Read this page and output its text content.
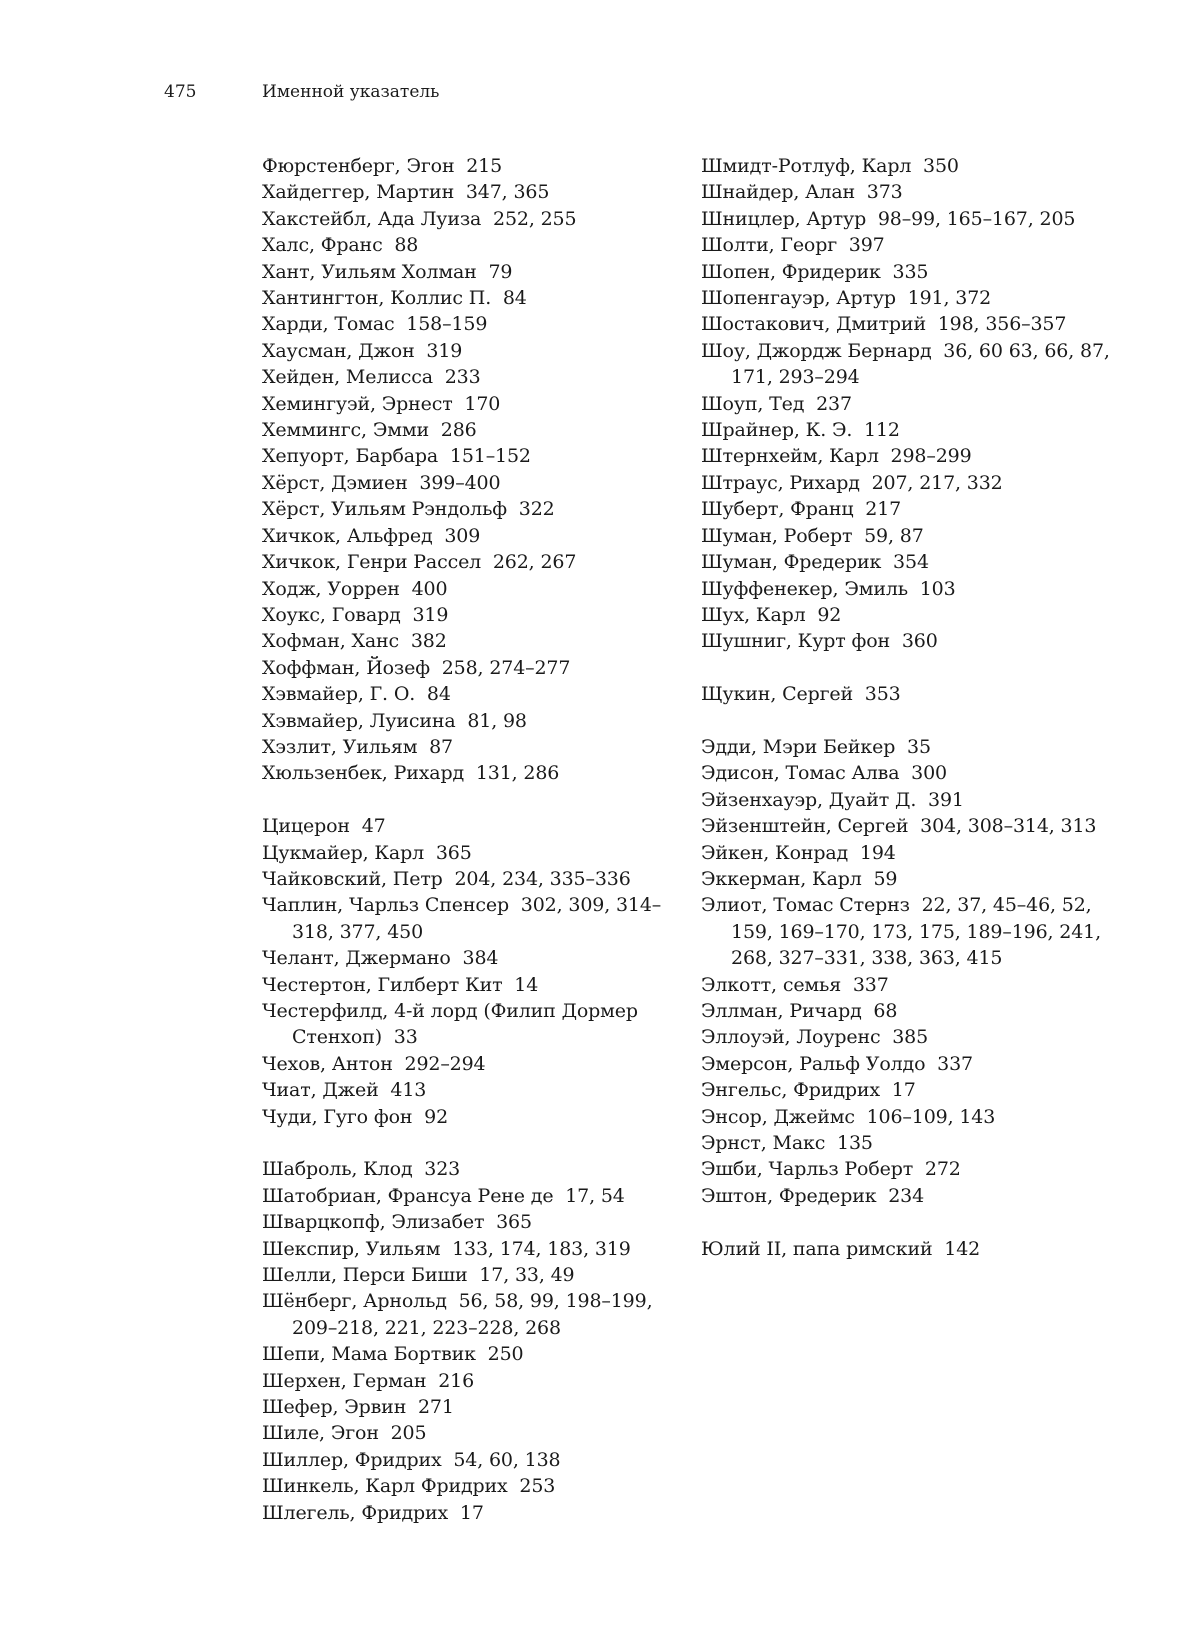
475	Именной указатель
Фюрстенберг, Эгон  215
Хайдеггер, Мартин  347, 365
Хакстейбл, Ада Луиза  252, 255
Халс, Франс  88
Хант, Уильям Холман  79
Хантингтон, Коллис П.  84
Харди, Томас  158–159
Хаусман, Джон  319
Хейден, Мелисса  233
Хемингуэй, Эрнест  170
Хеммингс, Эмми  286
Хепуорт, Барбара  151–152
Хёрст, Дэмиен  399–400
Хёрст, Уильям Рэндольф  322
Хичкок, Альфред  309
Хичкок, Генри Рассел  262, 267
Ходж, Уоррен  400
Хоукс, Говард  319
Хофман, Ханс  382
Хоффман, Йозеф  258, 274–277
Хэвмайер, Г. О.  84
Хэвмайер, Луисина  81, 98
Хэзлит, Уильям  87
Хюльзенбек, Рихард  131, 286
Цицерон  47
Цукмайер, Карл  365
Чайковский, Петр  204, 234, 335–336
Чаплин, Чарльз Спенсер  302, 309, 314–318, 377, 450
Челант, Джермано  384
Честертон, Гилберт Кит  14
Честерфилд, 4-й лорд (Филип Дормер Стенхоп)  33
Чехов, Антон  292–294
Чиат, Джей  413
Чуди, Гуго фон  92
Шаброль, Клод  323
Шатобриан, Франсуа Рене де  17, 54
Шварцкопф, Элизабет  365
Шекспир, Уильям  133, 174, 183, 319
Шелли, Перси Биши  17, 33, 49
Шёнберг, Арнольд  56, 58, 99, 198–199, 209–218, 221, 223–228, 268
Шепи, Мама Бортвик  250
Шерхен, Герман  216
Шефер, Эрвин  271
Шиле, Эгон  205
Шиллер, Фридрих  54, 60, 138
Шинкель, Карл Фридрих  253
Шлегель, Фридрих  17
Шмидт-Ротлуф, Карл  350
Шнайдер, Алан  373
Шницлер, Артур  98–99, 165–167, 205
Шолти, Георг  397
Шопен, Фридерик  335
Шопенгауэр, Артур  191, 372
Шостакович, Дмитрий  198, 356–357
Шоу, Джордж Бернард  36, 60 63, 66, 87, 171, 293–294
Шоуп, Тед  237
Шрайнер, К. Э.  112
Штернхейм, Карл  298–299
Штраус, Рихард  207, 217, 332
Шуберт, Франц  217
Шуман, Роберт  59, 87
Шуман, Фредерик  354
Шуффенекер, Эмиль  103
Шух, Карл  92
Шушниг, Курт фон  360
Щукин, Сергей  353
Эдди, Мэри Бейкер  35
Эдисон, Томас Алва  300
Эйзенхауэр, Дуайт Д.  391
Эйзенштейн, Сергей  304, 308–314, 313
Эйкен, Конрад  194
Эккерман, Карл  59
Элиот, Томас Стернз  22, 37, 45–46, 52, 159, 169–170, 173, 175, 189–196, 241, 268, 327–331, 338, 363, 415
Элкотт, семья  337
Эллман, Ричард  68
Эллоуэй, Лоуренс  385
Эмерсон, Ральф Уолдо  337
Энгельс, Фридрих  17
Энсор, Джеймс  106–109, 143
Эрнст, Макс  135
Эшби, Чарльз Роберт  272
Эштон, Фредерик  234
Юлий II, папа римский  142
